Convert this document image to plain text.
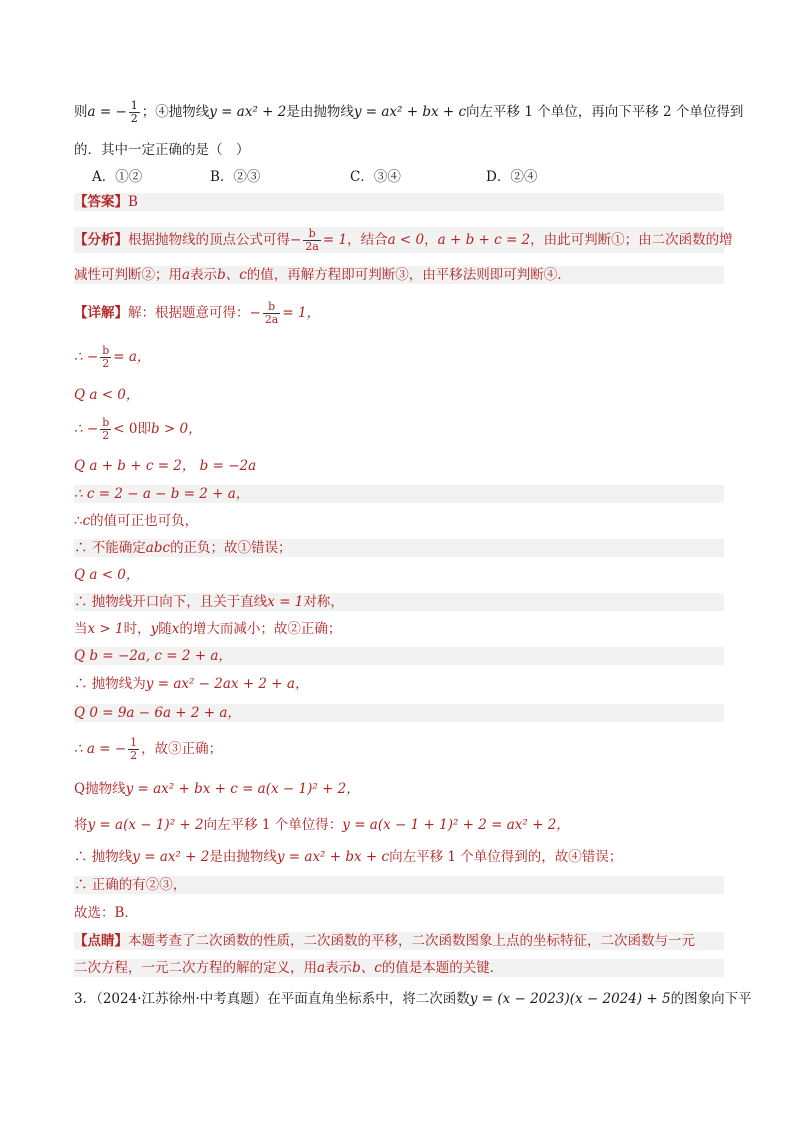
则a = − $\frac{1}{2}$ ；④抛物线y = ax² + 2是由抛物线y = ax² + bx + c向左平移 1 个单位，再向下平移 2 个单位得到
的．其中一定正确的是（　）
A．①②	B．②③	C．③④	D．②④
【答案】B
【分析】根据抛物线的顶点公式可得− $\frac{b}{2a} = 1$，结合a < 0，a + b + c = 2，由此可判断①；由二次函数的增
减性可判断②；用a表示b、c的值，再解方程即可判断③，由平移法则即可判断④.
【详解】解：根据题意可得：− $\frac{b}{2a} = 1$，
∴ − $\frac{b}{2} = a$，
Q a < 0，
∴ − $\frac{b}{2} < 0$即b > 0，
Q a + b + c = 2， b = −2a
∴ c = 2 − a − b = 2 + a，
∴c的值可正也可负，
∴ 不能确定abc的正负；故①错误；
Q a < 0，
∴ 抛物线开口向下，且关于直线x = 1对称，
当x > 1时，y随x的增大而减小；故②正确；
Q b = −2a, c = 2 + a，
∴ 抛物线为y = ax² − 2ax + 2 + a，
Q 0 = 9a − 6a + 2 + a，
∴ a = − $\frac{1}{2}$ ，故③正确；
Q抛物线y = ax² + bx + c = a(x − 1)² + 2，
将y = a(x − 1)² + 2向左平移 1 个单位得：y = a(x − 1 + 1)² + 2 = ax² + 2，
∴ 抛物线y = ax² + 2是由抛物线y = ax² + bx + c向左平移 1 个单位得到的，故④错误；
∴ 正确的有②③，
故选：B．
【点睛】本题考查了二次函数的性质，二次函数的平移，二次函数图象上点的坐标特征，二次函数与一元
二次方程，一元二次方程的解的定义，用a表示b、c的值是本题的关键．
3．（2024·江苏徐州·中考真题）在平面直角坐标系中，将二次函数y = (x − 2023)(x − 2024) + 5的图象向下平
